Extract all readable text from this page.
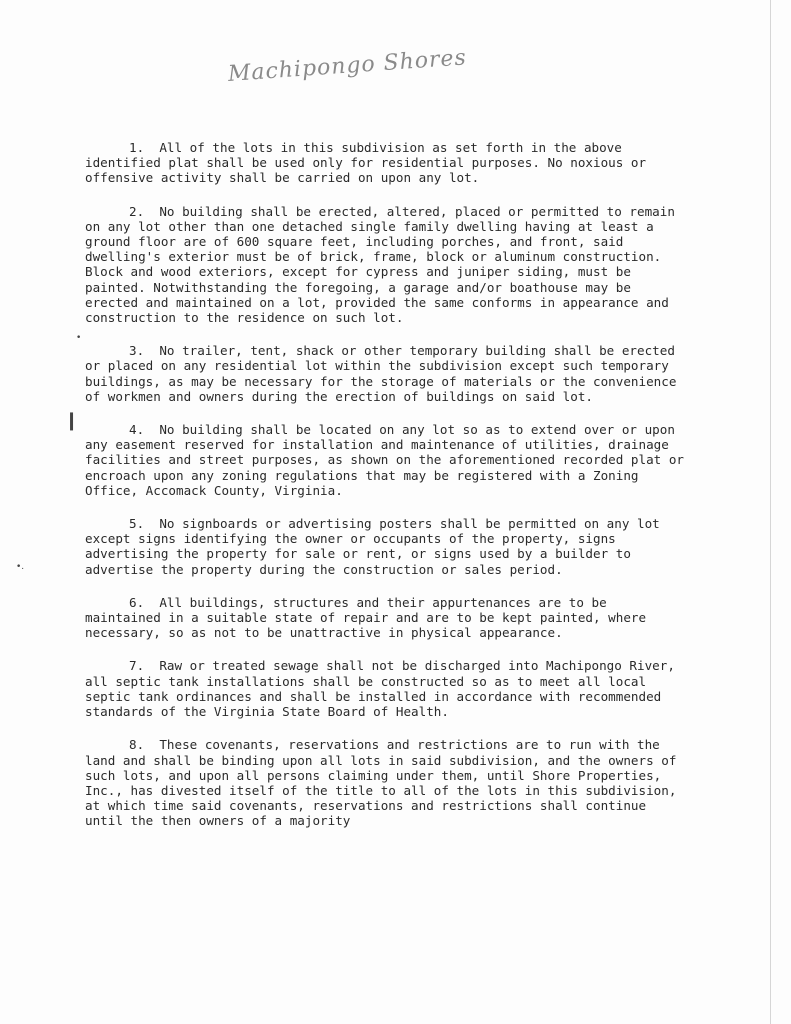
Machipongo Shores
❙
•.
•

1. All of the lots in this subdivision as set forth in the above identified plat shall be used only for residential purposes. No noxious or offensive activity shall be carried on upon any lot.

2. No building shall be erected, altered, placed or permitted to remain on any lot other than one detached single family dwelling having at least a ground floor are of 600 square feet, including porches, and front, said dwelling's exterior must be of brick, frame, block or aluminum construction. Block and wood exteriors, except for cypress and juniper siding, must be painted. Notwithstanding the foregoing, a garage and/or boathouse may be erected and maintained on a lot, provided the same conforms in appearance and construction to the residence on such lot.

3. No trailer, tent, shack or other temporary building shall be erected or placed on any residential lot within the subdivision except such temporary buildings, as may be necessary for the storage of materials or the convenience of workmen and owners during the erection of buildings on said lot.

4. No building shall be located on any lot so as to extend over or upon any easement reserved for installation and maintenance of utilities, drainage facilities and street purposes, as shown on the aforementioned recorded plat or encroach upon any zoning regulations that may be registered with a Zoning Office, Accomack County, Virginia.

5. No signboards or advertising posters shall be permitted on any lot except signs identifying the owner or occupants of the property, signs advertising the property for sale or rent, or signs used by a builder to advertise the property during the construction or sales period.

6. All buildings, structures and their appurtenances are to be maintained in a suitable state of repair and are to be kept painted, where necessary, so as not to be unattractive in physical appearance.

7. Raw or treated sewage shall not be discharged into Machipongo River, all septic tank installations shall be constructed so as to meet all local septic tank ordinances and shall be installed in accordance with recommended standards of the Virginia State Board of Health.

8. These covenants, reservations and restrictions are to run with the land and shall be binding upon all lots in said subdivision, and the owners of such lots, and upon all persons claiming under them, until Shore Properties, Inc., has divested itself of the title to all of the lots in this subdivision, at which time said covenants, reservations and restrictions shall continue until the then owners of a majority
